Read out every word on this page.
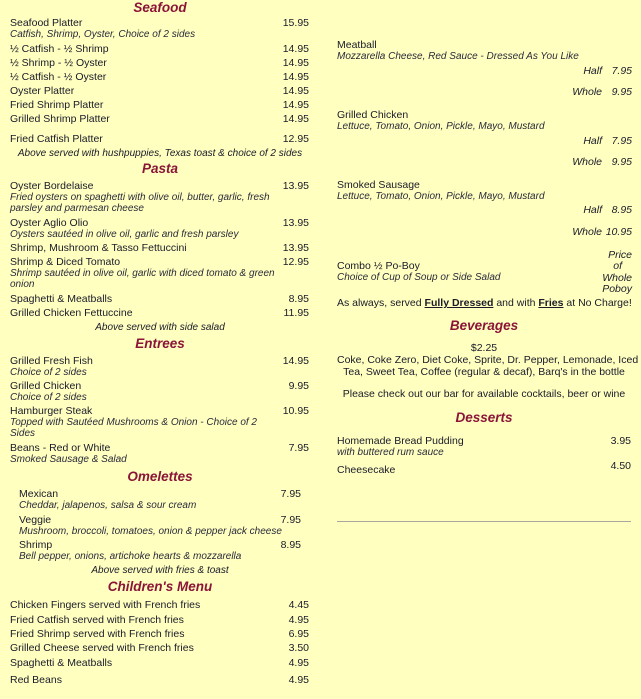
Seafood
Seafood Platter	15.95
Catfish, Shrimp, Oyster, Choice of 2 sides
½ Catfish - ½ Shrimp	14.95
½ Shrimp - ½ Oyster	14.95
½ Catfish - ½ Oyster	14.95
Oyster Platter	14.95
Fried Shrimp Platter	14.95
Grilled Shrimp Platter	14.95
Fried Catfish Platter	12.95
Above served with hushpuppies, Texas toast & choice of 2 sides
Pasta
Oyster Bordelaise	13.95
Fried oysters on spaghetti with olive oil, butter, garlic, fresh
parsley and parmesan cheese
Oyster Aglio Olio	13.95
Oysters sautéed in olive oil, garlic and fresh parsley
Shrimp, Mushroom & Tasso Fettuccini	13.95
Shrimp & Diced Tomato	12.95
Shrimp sautéed in olive oil, garlic with diced tomato & green
onion
Spaghetti & Meatballs	8.95
Grilled Chicken Fettuccine	11.95
Above served with side salad
Entrees
Grilled Fresh Fish	14.95
Choice of 2 sides
Grilled Chicken	9.95
Choice of 2 sides
Hamburger Steak	10.95
Topped with Sautéed Mushrooms & Onion - Choice of 2
Sides
Beans - Red or White	7.95
Smoked Sausage & Salad
Omelettes
Mexican	7.95
Cheddar, jalapenos, salsa & sour cream
Veggie	7.95
Mushroom, broccoli, tomatoes, onion & pepper jack cheese
Shrimp	8.95
Bell pepper, onions, artichoke hearts & mozzarella
Above served with fries & toast
Children's Menu
Chicken Fingers served with French fries	4.45
Fried Catfish served with French fries	4.95
Fried Shrimp served with French fries	6.95
Grilled Cheese served with French fries	3.50
Spaghetti & Meatballs	4.95
Red Beans	4.95
Meatball
Mozzarella Cheese, Red Sauce - Dressed As You Like
Half 7.95
Whole 9.95
Grilled Chicken
Lettuce, Tomato, Onion, Pickle, Mayo, Mustard
Half 7.95
Whole 9.95
Smoked Sausage
Lettuce, Tomato, Onion, Pickle, Mayo, Mustard
Half 8.95
Whole 10.95
Combo ½ Po-Boy
Choice of Cup of Soup or Side Salad
Price
of
Whole
Poboy
As always, served Fully Dressed and with Fries at No Charge!
Beverages
$2.25
Coke, Coke Zero, Diet Coke, Sprite, Dr. Pepper, Lemonade, Iced
Tea, Sweet Tea, Coffee (regular & decaf), Barq's in the bottle
Please check out our bar for available cocktails, beer or wine
Desserts
Homemade Bread Pudding	3.95
with buttered rum sauce
Cheesecake	4.50
